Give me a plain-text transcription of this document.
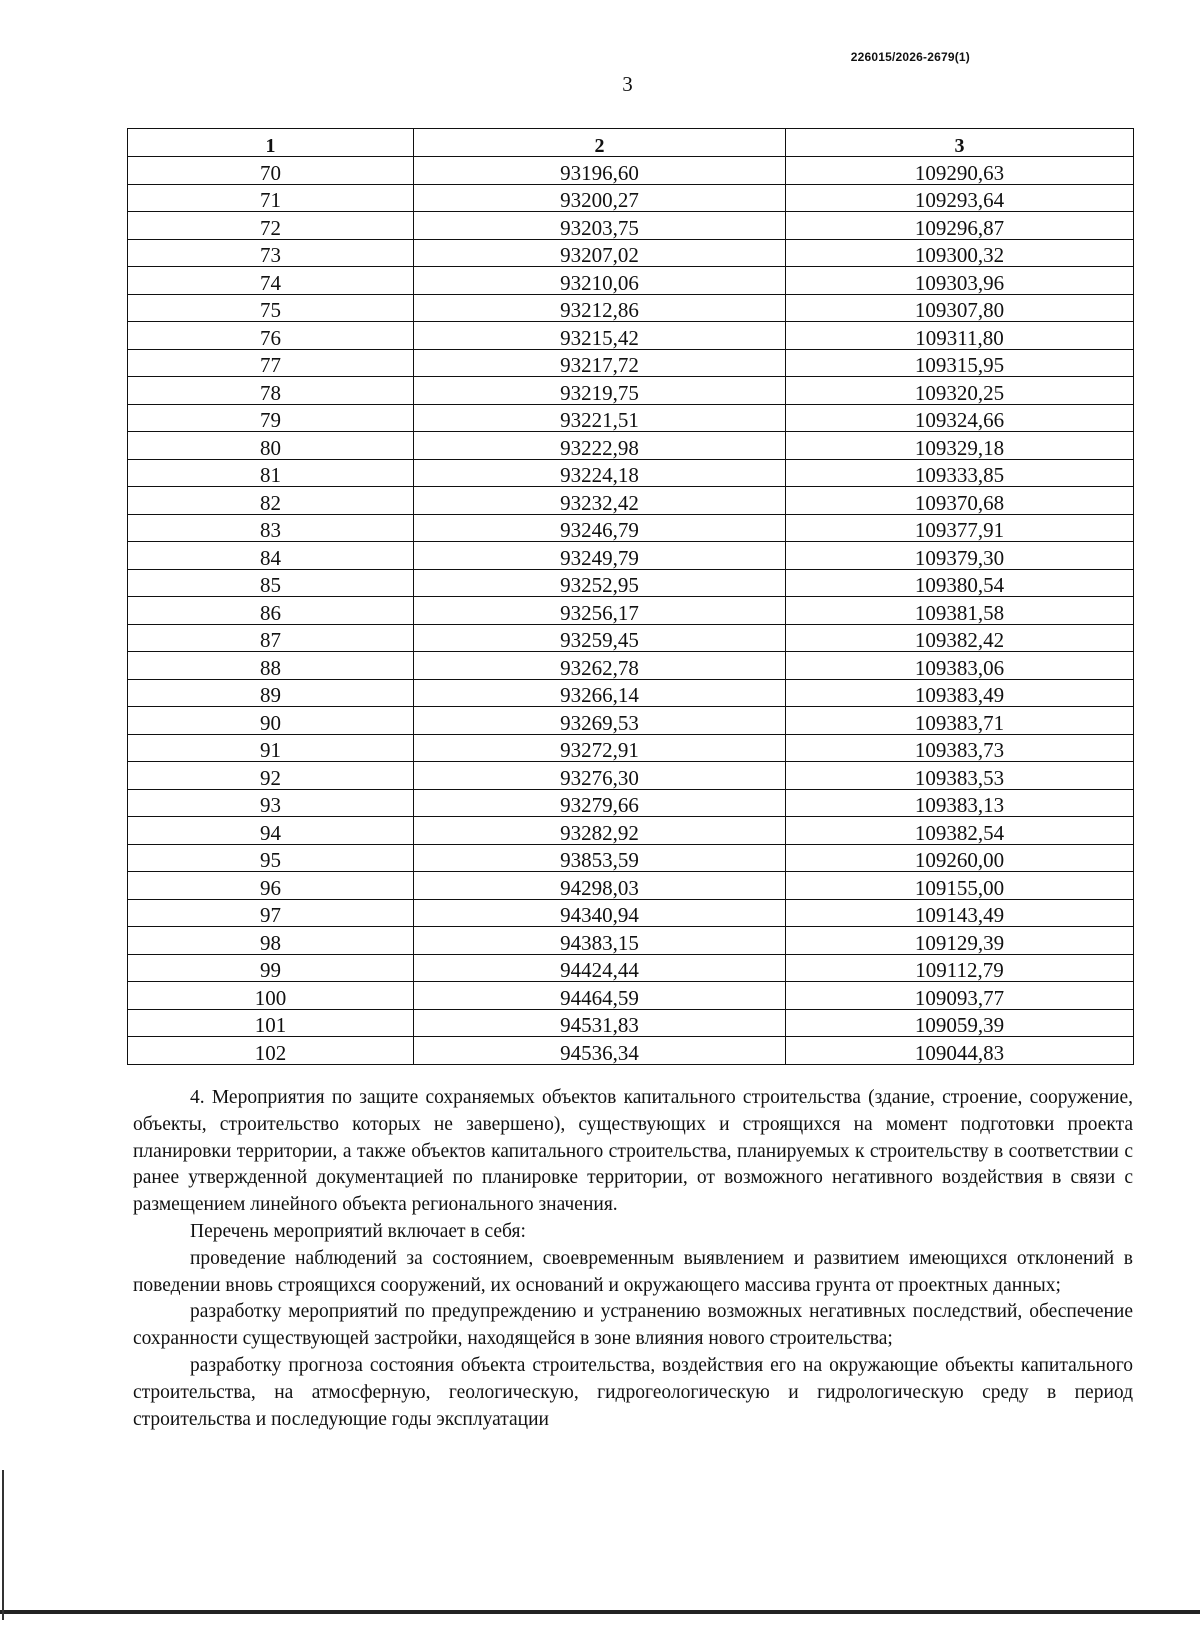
226015/2026-2679(1)
3
1	2	3
70	93196,60	109290,63
71	93200,27	109293,64
72	93203,75	109296,87
73	93207,02	109300,32
74	93210,06	109303,96
75	93212,86	109307,80
76	93215,42	109311,80
77	93217,72	109315,95
78	93219,75	109320,25
79	93221,51	109324,66
80	93222,98	109329,18
81	93224,18	109333,85
82	93232,42	109370,68
83	93246,79	109377,91
84	93249,79	109379,30
85	93252,95	109380,54
86	93256,17	109381,58
87	93259,45	109382,42
88	93262,78	109383,06
89	93266,14	109383,49
90	93269,53	109383,71
91	93272,91	109383,73
92	93276,30	109383,53
93	93279,66	109383,13
94	93282,92	109382,54
95	93853,59	109260,00
96	94298,03	109155,00
97	94340,94	109143,49
98	94383,15	109129,39
99	94424,44	109112,79
100	94464,59	109093,77
101	94531,83	109059,39
102	94536,34	109044,83

4. Мероприятия по защите сохраняемых объектов капитального строительства (здание, строение, сооружение, объекты, строительство которых не завершено), существующих и строящихся на момент подготовки проекта планировки территории, а также объектов капитального строительства, планируемых к строительству в соответствии с ранее утвержденной документацией по планировке территории, от возможного негативного воздействия в связи с размещением линейного объекта регионального значения.

Перечень мероприятий включает в себя:

проведение наблюдений за состоянием, своевременным выявлением и развитием имеющихся отклонений в поведении вновь строящихся сооружений, их оснований и окружающего массива грунта от проектных данных;

разработку мероприятий по предупреждению и устранению возможных негативных последствий, обеспечение сохранности существующей застройки, находящейся в зоне влияния нового строительства;

разработку прогноза состояния объекта строительства, воздействия его на окружающие объекты капитального строительства, на атмосферную, геологическую, гидрогеологическую и гидрологическую среду в период строительства и последующие годы эксплуатации
